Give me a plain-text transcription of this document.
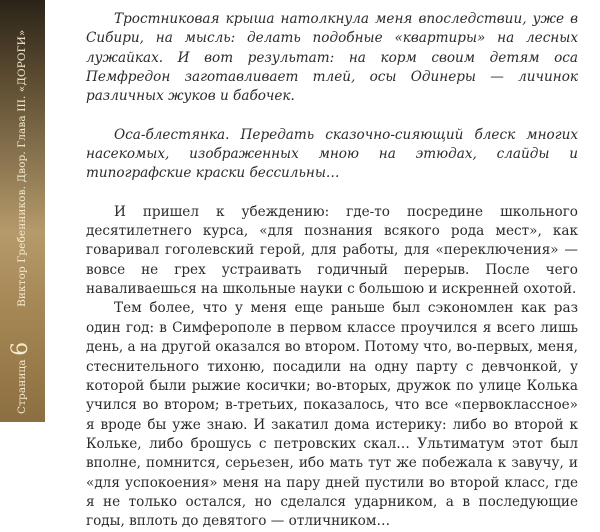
Страница 6  Виктор Гребенников. Двор. Глава III. «ДОРОГИ»

Тростниковая крыша натолкнула меня впоследствии, уже в Сибири, на мысль: делать подобные «квартиры» на лесных лужайках. И вот результат: на корм своим детям оса Пемфредон заготавливает тлей, осы Одинеры — личинок различных жуков и бабочек.

Оса-блестянка. Передать сказочно-сияющий блеск многих насекомых, изображенных мною на этюдах, слайды и типографские краски бессильны…

И пришел к убеждению: где-то посредине школьного десятилетнего курса, «для познания всякого рода мест», как говаривал гоголевский герой, для работы, для «переключения» — вовсе не грех устраивать годичный перерыв. После чего наваливаешься на школьные науки с большою и искренней охотой.

Тем более, что у меня еще раньше был сэкономлен как раз один год: в Симферополе в первом классе проучился я всего лишь день, а на другой оказался во втором. Потому что, во-первых, меня, стеснительного тихоню, посадили на одну парту с девчонкой, у которой были рыжие косички; во-вторых, дружок по улице Колька учился во втором; в-третьих, показалось, что все «первоклассное» я вроде бы уже знаю. И закатил дома истерику: либо во второй к Кольке, либо брошусь с петровских скал… Ультиматум этот был вполне, помнится, серьезен, ибо мать тут же побежала к завучу, и «для успокоения» меня на пару дней пустили во второй класс, где я не только остался, но сделался ударником, а в последующие годы, вплоть до девятого — отличником…
